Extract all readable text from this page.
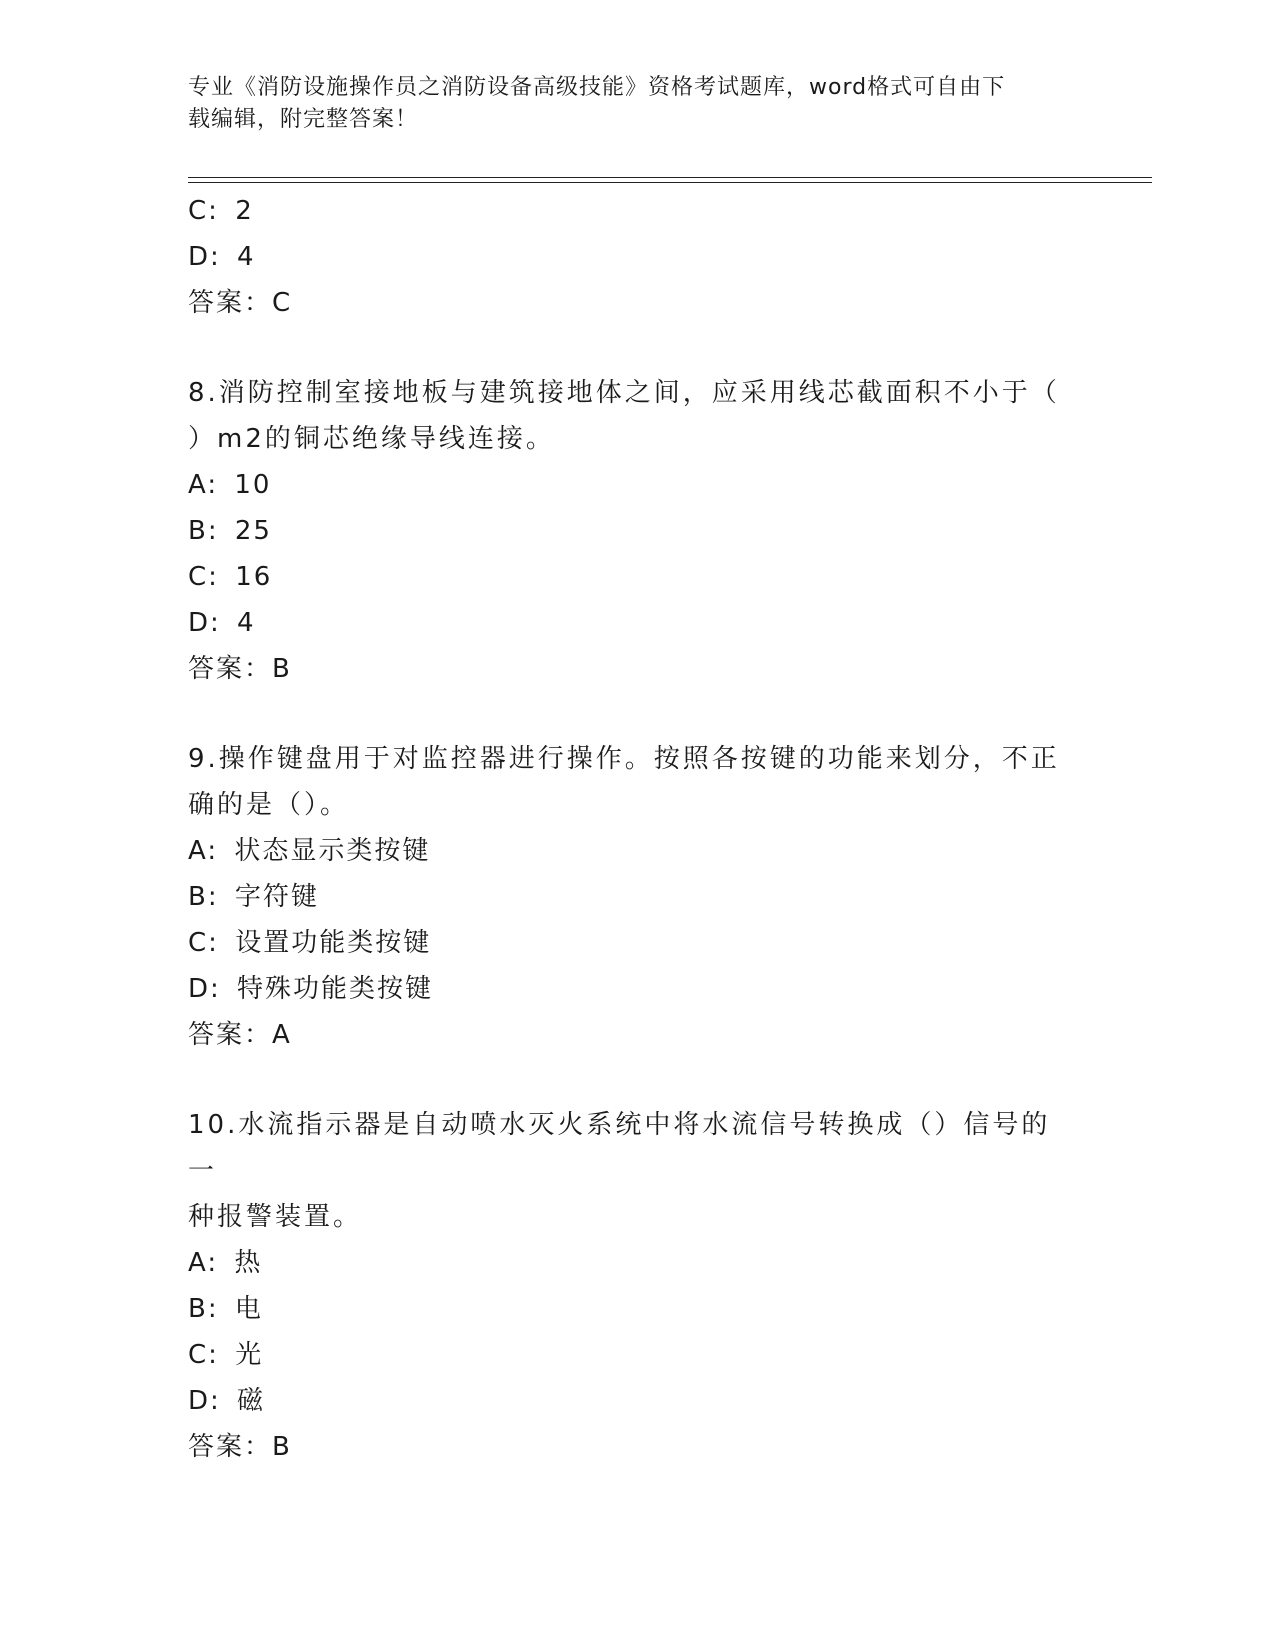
专业《消防设施操作员之消防设备高级技能》资格考试题库，word格式可自由下
载编辑，附完整答案！
C: 2
D: 4
答案：C
8.消防控制室接地板与建筑接地体之间，应采用线芯截面积不小于（
）m2的铜芯绝缘导线连接。
A: 10
B: 25
C: 16
D: 4
答案：B
9.操作键盘用于对监控器进行操作。按照各按键的功能来划分，不正
确的是（）。
A: 状态显示类按键
B: 字符键
C: 设置功能类按键
D: 特殊功能类按键
答案：A
10.水流指示器是自动喷水灭火系统中将水流信号转换成（）信号的一
种报警装置。
A: 热
B: 电
C: 光
D: 磁
答案：B
